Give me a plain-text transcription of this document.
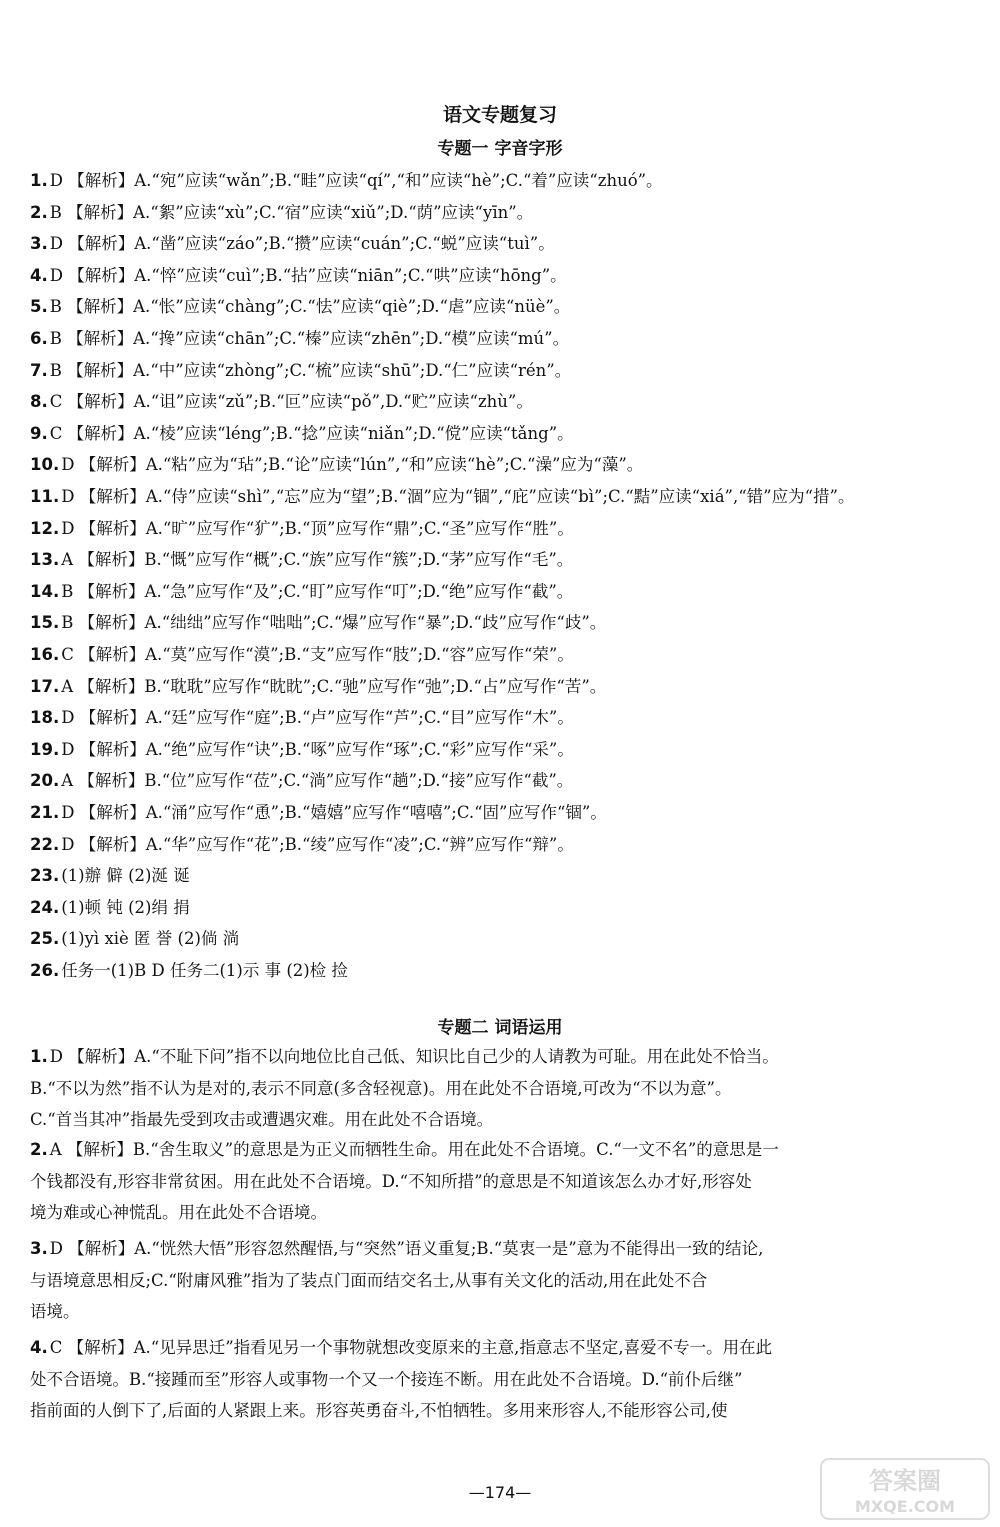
语文专题复习
专题一 字音字形
1. D 【解析】A.“宛”应读“wǎn”;B.“畦”应读“qí”,“和”应读“hè”;C.“着”应读“zhuó”。
2. B 【解析】A.“絮”应读“xù”;C.“宿”应读“xiǔ”;D.“荫”应读“yīn”。
3. D 【解析】A.“凿”应读“záo”;B.“攒”应读“cuán”;C.“蜕”应读“tuì”。
4. D 【解析】A.“悴”应读“cuì”;B.“拈”应读“niān”;C.“哄”应读“hōng”。
5. B 【解析】A.“怅”应读“chàng”;C.“怯”应读“qiè”;D.“虐”应读“nüè”。
6. B 【解析】A.“搀”应读“chān”;C.“榛”应读“zhēn”;D.“模”应读“mú”。
7. B 【解析】A.“中”应读“zhòng”;C.“梳”应读“shū”;D.“仁”应读“rén”。
8. C 【解析】A.“诅”应读“zǔ”;B.“叵”应读“pǒ”,D.“贮”应读“zhù”。
9. C 【解析】A.“棱”应读“léng”;B.“捻”应读“niǎn”;D.“傥”应读“tǎng”。
10. D 【解析】A.“粘”应为“玷”;B.“论”应读“lún”,“和”应读“hè”;C.“澡”应为“藻”。
11. D 【解析】A.“侍”应读“shì”,“忘”应为“望”;B.“涸”应为“锢”,“庇”应读“bì”;C.“黠”应读“xiá”,“错”应为“措”。
12. D 【解析】A.“旷”应写作“犷”;B.“顶”应写作“鼎”;C.“圣”应写作“胜”。
13. A 【解析】B.“慨”应写作“概”;C.“族”应写作“簇”;D.“茅”应写作“毛”。
14. B 【解析】A.“急”应写作“及”;C.“盯”应写作“叮”;D.“绝”应写作“截”。
15. B 【解析】A.“绌绌”应写作“咄咄”;C.“爆”应写作“暴”;D.“歧”应写作“歧”。
16. C 【解析】A.“莫”应写作“漠”;B.“支”应写作“肢”;D.“容”应写作“荣”。
17. A 【解析】B.“耽耽”应写作“眈眈”;C.“驰”应写作“弛”;D.“占”应写作“苦”。
18. D 【解析】A.“廷”应写作“庭”;B.“卢”应写作“芦”;C.“目”应写作“木”。
19. D 【解析】A.“绝”应写作“诀”;B.“啄”应写作“琢”;C.“彩”应写作“采”。
20. A 【解析】B.“位”应写作“莅”;C.“淌”应写作“趟”;D.“接”应写作“截”。
21. D 【解析】A.“涌”应写作“恿”;B.“嬉嬉”应写作“嘻嘻”;C.“固”应写作“锢”。
22. D 【解析】A.“华”应写作“花”;B.“绫”应写作“凌”;C.“辨”应写作“辩”。
23. (1)辦 僻 (2)涎 诞
24. (1)顿 钝 (2)绢 捐
25. (1)yì xiè 匿 誉 (2)倘 淌
26. 任务一(1)B D 任务二(1)示 事 (2)检 捡
专题二 词语运用
1. D 【解析】A.“不耻下问”指不以向地位比自己低、知识比自己少的人请教为可耻。用在此处不恰当。
B.“不以为然”指不认为是对的,表示不同意(多含轻视意)。用在此处不合语境,可改为“不以为意”。
C.“首当其冲”指最先受到攻击或遭遇灾难。用在此处不合语境。
2. A 【解析】B.“舍生取义”的意思是为正义而牺牲生命。用在此处不合语境。C.“一文不名”的意思是一
个钱都没有,形容非常贫困。用在此处不合语境。D.“不知所措”的意思是不知道该怎么办才好,形容处
境为难或心神慌乱。用在此处不合语境。
3. D 【解析】A.“恍然大悟”形容忽然醒悟,与“突然”语义重复;B.“莫衷一是”意为不能得出一致的结论,
与语境意思相反;C.“附庸风雅”指为了装点门面而结交名士,从事有关文化的活动,用在此处不合
语境。
4. C 【解析】A.“见异思迁”指看见另一个事物就想改变原来的主意,指意志不坚定,喜爱不专一。用在此
处不合语境。B.“接踵而至”形容人或事物一个又一个接连不断。用在此处不合语境。D.“前仆后继”
指前面的人倒下了,后面的人紧跟上来。形容英勇奋斗,不怕牺牲。多用来形容人,不能形容公司,使
—174—	答案圈
MXQE.COM
